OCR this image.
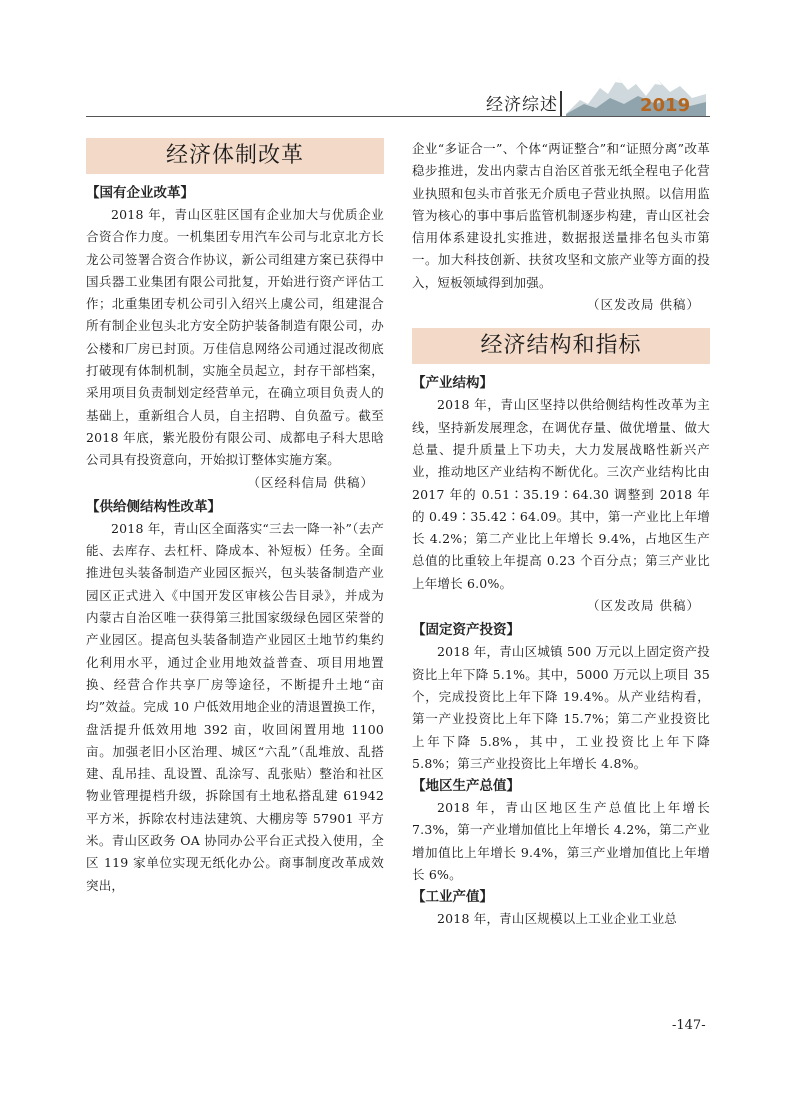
经济综述	2019
经济体制改革
【国有企业改革】

2018 年，青山区驻区国有企业加大与优质企业合资合作力度。一机集团专用汽车公司与北京北方长龙公司签署合资合作协议，新公司组建方案已获得中国兵器工业集团有限公司批复，开始进行资产评估工作；北重集团专机公司引入绍兴上虞公司，组建混合所有制企业包头北方安全防护装备制造有限公司，办公楼和厂房已封顶。万佳信息网络公司通过混改彻底打破现有体制机制，实施全员起立，封存干部档案，采用项目负责制划定经营单元，在确立项目负责人的基础上，重新组合人员，自主招聘、自负盈亏。截至 2018 年底，紫光股份有限公司、成都电子科大思晗公司具有投资意向，开始拟订整体实施方案。

（区经科信局 供稿）

【供给侧结构性改革】

2018 年，青山区全面落实“三去一降一补”（去产能、去库存、去杠杆、降成本、补短板）任务。全面推进包头装备制造产业园区振兴，包头装备制造产业园区正式进入《中国开发区审核公告目录》，并成为内蒙古自治区唯一获得第三批国家级绿色园区荣誉的产业园区。提高包头装备制造产业园区土地节约集约化利用水平，通过企业用地效益普查、项目用地置换、经营合作共享厂房等途径，不断提升土地“亩均”效益。完成 10 户低效用地企业的清退置换工作，盘活提升低效用地 392 亩，收回闲置用地 1100 亩。加强老旧小区治理、城区“六乱”（乱堆放、乱搭建、乱吊挂、乱设置、乱涂写、乱张贴）整治和社区物业管理提档升级，拆除国有土地私搭乱建 61942 平方米，拆除农村违法建筑、大棚房等 57901 平方米。青山区政务 OA 协同办公平台正式投入使用，全区 119 家单位实现无纸化办公。商事制度改革成效突出，

企业“多证合一”、个体“两证整合”和“证照分离”改革稳步推进，发出内蒙古自治区首张无纸全程电子化营业执照和包头市首张无介质电子营业执照。以信用监管为核心的事中事后监管机制逐步构建，青山区社会信用体系建设扎实推进，数据报送量排名包头市第一。加大科技创新、扶贫攻坚和文旅产业等方面的投入，短板领域得到加强。

（区发改局 供稿）

经济结构和指标
【产业结构】

2018 年，青山区坚持以供给侧结构性改革为主线，坚持新发展理念，在调优存量、做优增量、做大总量、提升质量上下功夫，大力发展战略性新兴产业，推动地区产业结构不断优化。三次产业结构比由 2017 年的 0.51∶35.19∶64.30 调整到 2018 年的 0.49∶35.42∶64.09。其中，第一产业比上年增长 4.2%；第二产业比上年增长 9.4%，占地区生产总值的比重较上年提高 0.23 个百分点；第三产业比上年增长 6.0%。

（区发改局 供稿）

【固定资产投资】

2018 年，青山区城镇 500 万元以上固定资产投资比上年下降 5.1%。其中，5000 万元以上项目 35 个，完成投资比上年下降 19.4%。从产业结构看，第一产业投资比上年下降 15.7%；第二产业投资比上年下降 5.8%，其中，工业投资比上年下降 5.8%；第三产业投资比上年增长 4.8%。

【地区生产总值】

2018 年，青山区地区生产总值比上年增长 7.3%，第一产业增加值比上年增长 4.2%，第二产业增加值比上年增长 9.4%，第三产业增加值比上年增长 6%。

【工业产值】

2018 年，青山区规模以上工业企业工业总

-147-
